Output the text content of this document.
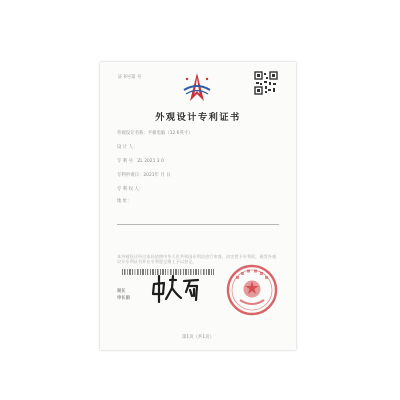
证书号第 号
外观设计专利证书
外观设计名称：平板电脑（12.6英寸）
设 计 人：
专 利 号：ZL 2021 3 0
专利申请日：2021年 月 日
专 利 权 人：
地 址：
本外观设计经过本局依照中华人民共和国专利法进行审查，决定授予专利权，颁发外观设计专利证书并在专利登记簿上予以登记。
局长
申长雨
第1页（共1页）
